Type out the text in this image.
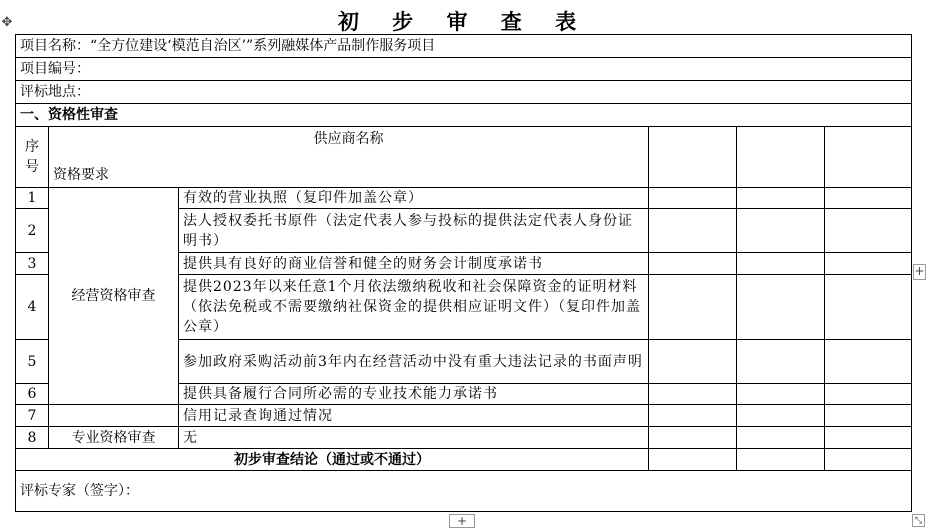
✥	初 步 审 查 表
项目名称：“全方位建设‘模范自治区’”系列融媒体产品制作服务项目					
项目编号：					
评标地点：					
一、资格性审查					
序号	供应商名称
资格要求				

1	经营资格审查	有效的营业执照（复印件加盖公章）			
2		法人授权委托书原件（法定代表人参与投标的提供法定代表人身份证明书）			
3		提供具有良好的商业信誉和健全的财务会计制度承诺书			
4		提供2023年以来任意1个月依法缴纳税收和社会保障资金的证明材料（依法免税或不需要缴纳社保资金的提供相应证明文件）（复印件加盖公章）			
5		参加政府采购活动前3年内在经营活动中没有重大违法记录的书面声明			
6		提供具备履行合同所必需的专业技术能力承诺书			
7		信用记录查询通过情况			
8	专业资格审查	无			
初步审查结论（通过或不通过）					
评标专家（签字）：					
+
+	⤡
